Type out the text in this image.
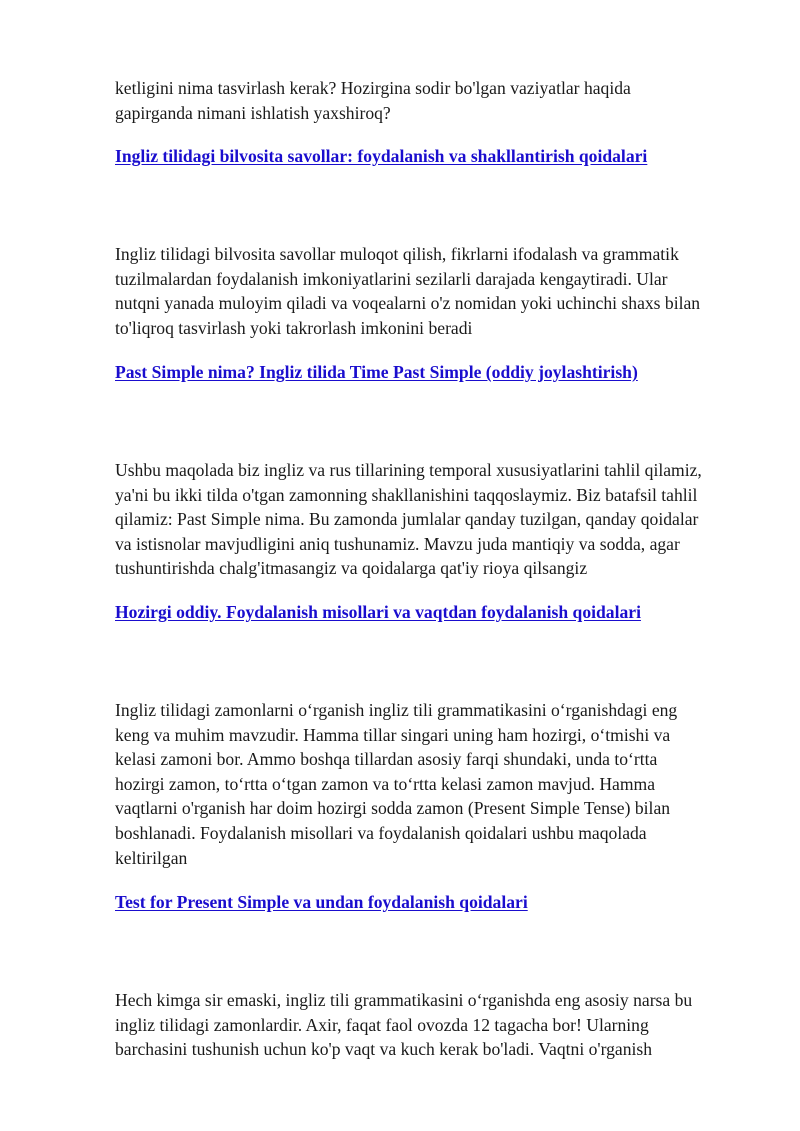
ketligini nima tasvirlash kerak? Hozirgina sodir bo'lgan vaziyatlar haqida
gapirganda nimani ishlatish yaxshiroq?

Ingliz tilidagi bilvosita savollar: foydalanish va shakllantirish qoidalari

Ingliz tilidagi bilvosita savollar muloqot qilish, fikrlarni ifodalash va grammatik
tuzilmalardan foydalanish imkoniyatlarini sezilarli darajada kengaytiradi. Ular
nutqni yanada muloyim qiladi va voqealarni o'z nomidan yoki uchinchi shaxs bilan
to'liqroq tasvirlash yoki takrorlash imkonini beradi

Past Simple nima? Ingliz tilida Time Past Simple (oddiy joylashtirish)

Ushbu maqolada biz ingliz va rus tillarining temporal xususiyatlarini tahlil qilamiz,
ya'ni bu ikki tilda o'tgan zamonning shakllanishini taqqoslaymiz. Biz batafsil tahlil
qilamiz: Past Simple nima. Bu zamonda jumlalar qanday tuzilgan, qanday qoidalar
va istisnolar mavjudligini aniq tushunamiz. Mavzu juda mantiqiy va sodda, agar
tushuntirishda chalg'itmasangiz va qoidalarga qat'iy rioya qilsangiz

Hozirgi oddiy. Foydalanish misollari va vaqtdan foydalanish qoidalari

Ingliz tilidagi zamonlarni o‘rganish ingliz tili grammatikasini o‘rganishdagi eng
keng va muhim mavzudir. Hamma tillar singari uning ham hozirgi, o‘tmishi va
kelasi zamoni bor. Ammo boshqa tillardan asosiy farqi shundaki, unda to‘rtta
hozirgi zamon, to‘rtta o‘tgan zamon va to‘rtta kelasi zamon mavjud. Hamma
vaqtlarni o'rganish har doim hozirgi sodda zamon (Present Simple Tense) bilan
boshlanadi. Foydalanish misollari va foydalanish qoidalari ushbu maqolada
keltirilgan

Test for Present Simple va undan foydalanish qoidalari

Hech kimga sir emaski, ingliz tili grammatikasini o‘rganishda eng asosiy narsa bu
ingliz tilidagi zamonlardir. Axir, faqat faol ovozda 12 tagacha bor! Ularning
barchasini tushunish uchun ko'p vaqt va kuch kerak bo'ladi. Vaqtni o'rganish
